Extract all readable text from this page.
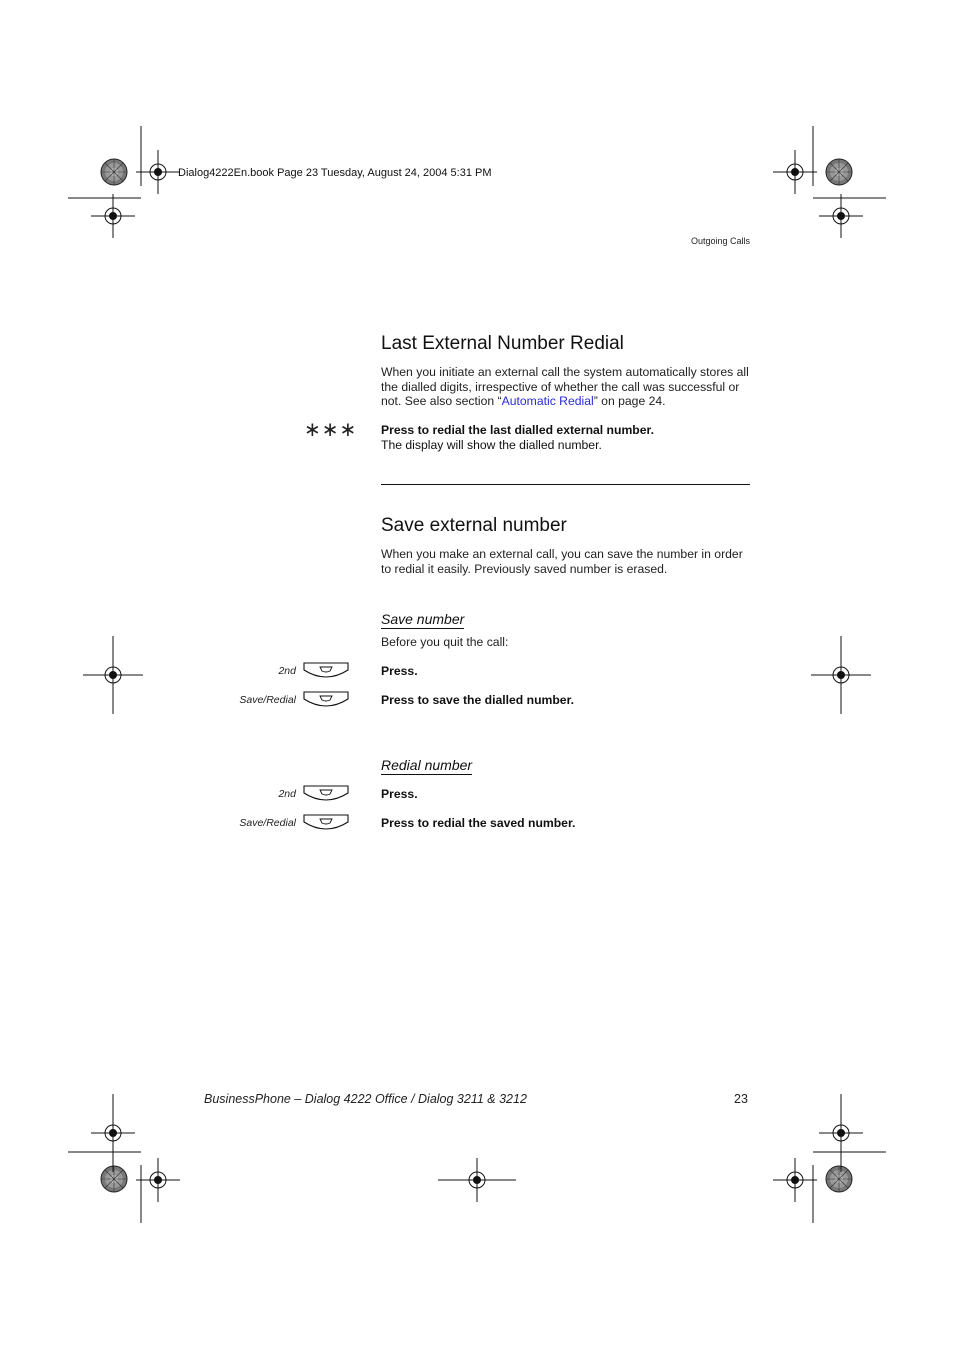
Dialog4222En.book Page 23 Tuesday, August 24, 2004 5:31 PM
Outgoing Calls
Last External Number Redial
When you initiate an external call the system automatically stores all the dialled digits, irrespective of whether the call was successful or not. See also section “Automatic Redial” on page 24.
∗∗∗ Press to redial the last dialled external number.
The display will show the dialled number.
Save external number
When you make an external call, you can save the number in order to redial it easily. Previously saved number is erased.
Save number
Before you quit the call:
2nd	Press.
Save/Redial	Press to save the dialled number.
Redial number
2nd	Press.
Save/Redial	Press to redial the saved number.
BusinessPhone – Dialog 4222 Office / Dialog 3211 & 3212	23
